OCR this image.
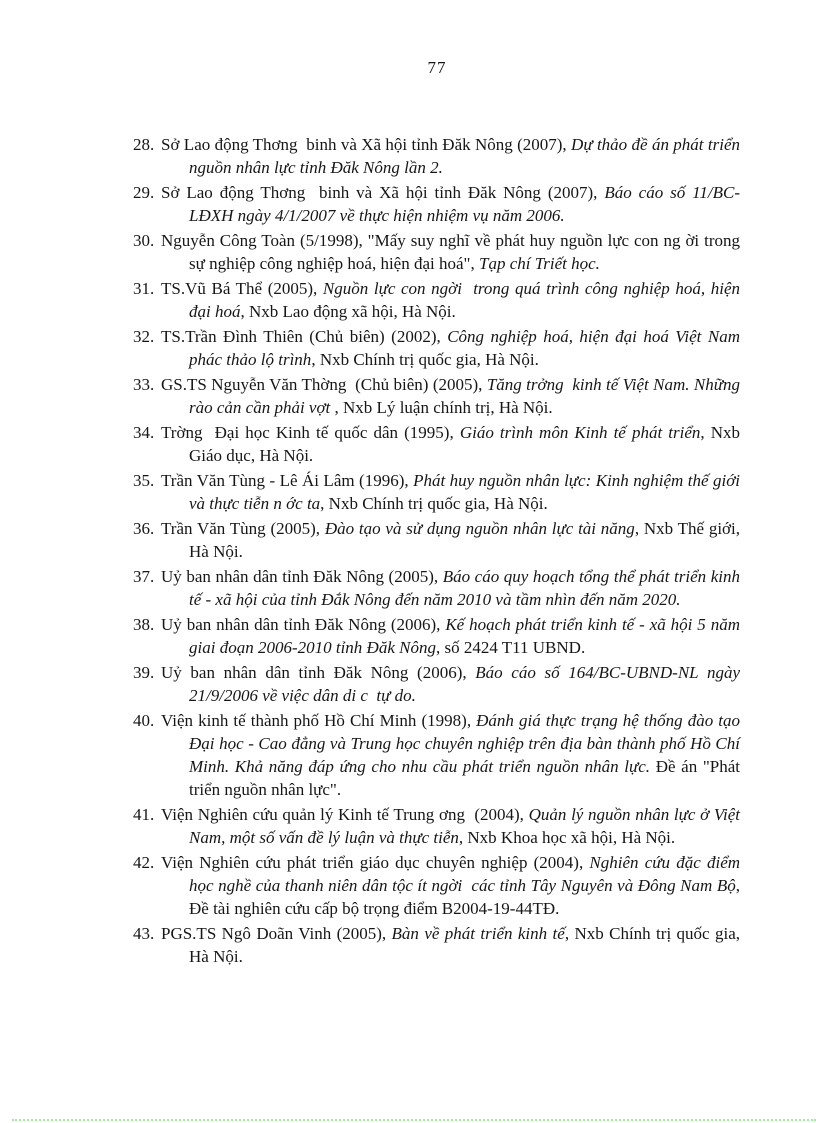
77
28. Sở Lao động Thơng  binh và Xã hội tỉnh Đăk Nông (2007), Dự thảo đề án phát triển nguồn nhân lực tỉnh Đăk Nông lần 2.
29. Sở Lao động Thơng  binh và Xã hội tỉnh Đăk Nông (2007), Báo cáo số 11/BC-LĐXH ngày 4/1/2007 về thực hiện nhiệm vụ năm 2006.
30. Nguyễn Công Toàn (5/1998), "Mấy suy nghĩ về phát huy nguồn lực con ng ời trong sự nghiệp công nghiệp hoá, hiện đại hoá", Tạp chí Triết học.
31. TS.Vũ Bá Thể (2005), Nguồn lực con ngời  trong quá trình công nghiệp hoá, hiện đại hoá, Nxb Lao động xã hội, Hà Nội.
32. TS.Trần Đình Thiên (Chủ biên) (2002), Công nghiệp hoá, hiện đại hoá Việt Nam phác thảo lộ trình, Nxb Chính trị quốc gia, Hà Nội.
33. GS.TS Nguyễn Văn Thờng  (Chủ biên) (2005), Tăng trởng  kinh tế Việt Nam. Những rào cản cần phải vợt , Nxb Lý luận chính trị, Hà Nội.
34. Trờng  Đại học Kinh tế quốc dân (1995), Giáo trình môn Kinh tế phát triển, Nxb Giáo dục, Hà Nội.
35. Trần Văn Tùng - Lê Ái Lâm (1996), Phát huy nguồn nhân lực: Kinh nghiệm thế giới và thực tiễn n ớc ta, Nxb Chính trị quốc gia, Hà Nội.
36. Trần Văn Tùng (2005), Đào tạo và sử dụng nguồn nhân lực tài năng, Nxb Thế giới, Hà Nội.
37. Uỷ ban nhân dân tỉnh Đăk Nông (2005), Báo cáo quy hoạch tổng thể phát triển kinh tế - xã hội của tỉnh Đắk Nông đến năm 2010 và tầm nhìn đến năm 2020.
38. Uỷ ban nhân dân tỉnh Đăk Nông (2006), Kế hoạch phát triển kinh tế - xã hội 5 năm giai đoạn 2006-2010 tỉnh Đăk Nông, số 2424 T11 UBND.
39. Uỷ ban nhân dân tỉnh Đăk Nông (2006), Báo cáo số 164/BC-UBND-NL ngày 21/9/2006 về việc dân di c  tự do.
40. Viện kinh tế thành phố Hồ Chí Minh (1998), Đánh giá thực trạng hệ thống đào tạo Đại học - Cao đẳng và Trung học chuyên nghiệp trên địa bàn thành phố Hồ Chí Minh. Khả năng đáp ứng cho nhu cầu phát triển nguồn nhân lực. Đề án "Phát triển nguồn nhân lực".
41. Viện Nghiên cứu quản lý Kinh tế Trung ơng  (2004), Quản lý nguồn nhân lực ở Việt Nam, một số vấn đề lý luận và thực tiễn, Nxb Khoa học xã hội, Hà Nội.
42. Viện Nghiên cứu phát triển giáo dục chuyên nghiệp (2004), Nghiên cứu đặc điểm học nghề của thanh niên dân tộc ít ngời  các tỉnh Tây Nguyên và Đông Nam Bộ, Đề tài nghiên cứu cấp bộ trọng điểm B2004-19-44TĐ.
43. PGS.TS Ngô Doãn Vinh (2005), Bàn về phát triển kinh tế, Nxb Chính trị quốc gia, Hà Nội.
